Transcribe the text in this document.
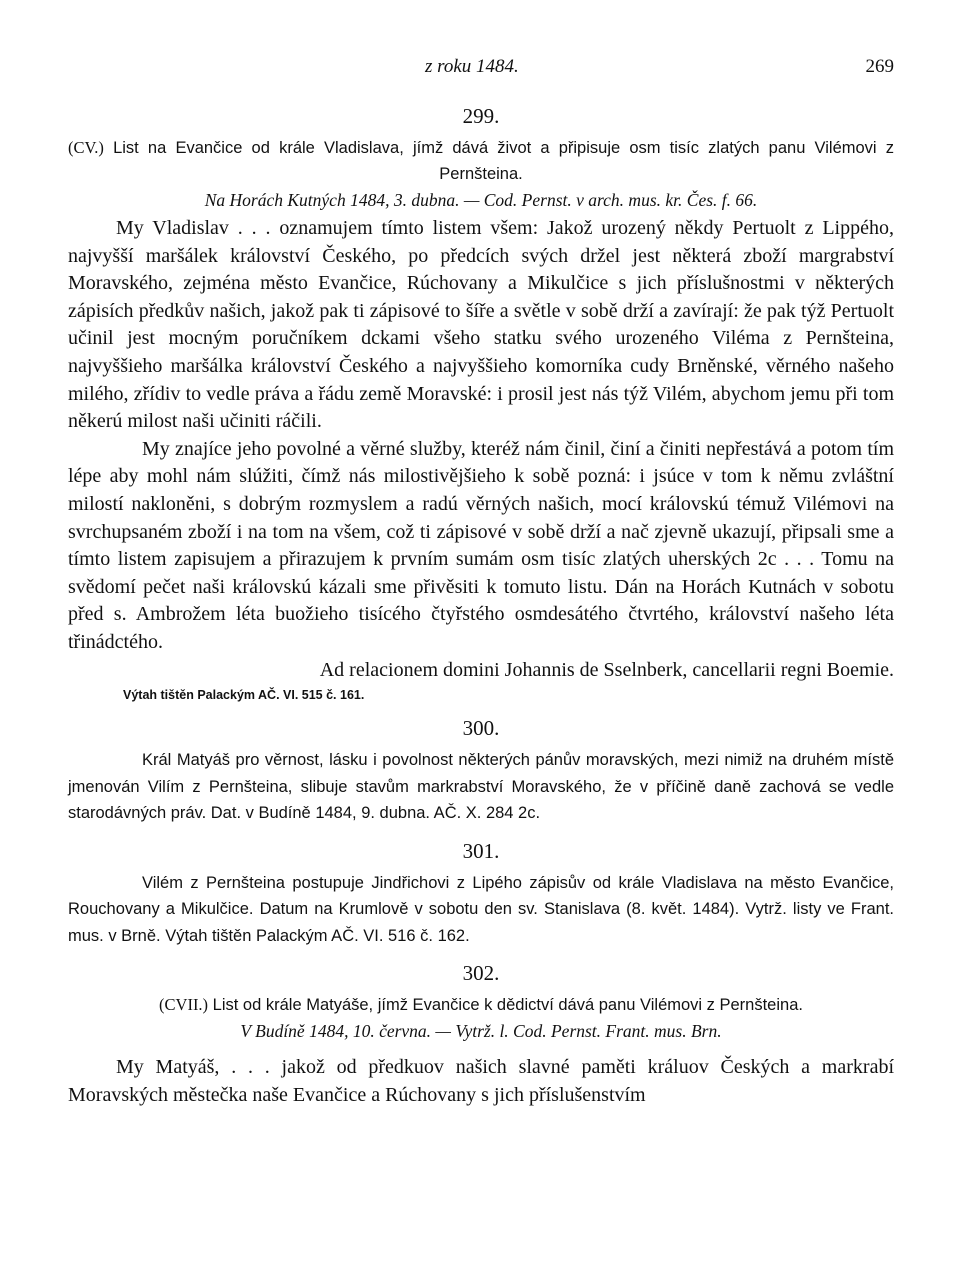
z roku 1484.	269
299.
(CV.) List na Evančice od krále Vladislava, jímž dává život a připisuje osm tisíc zlatých panu Vilémovi z Pernšteina.
Na Horách Kutných 1484, 3. dubna. — Cod. Pernst. v arch. mus. kr. Čes. f. 66.

My Vladislav . . . oznamujem tímto listem všem: Jakož urozený někdy Pertuolt z Lippého, najvyšší maršálek království Českého, po předcích svých držel jest některá zboží margrabství Moravského, zejména město Evančice, Rúchovany a Mikulčice s jich příslušnostmi v některých zápisích předkův našich, jakož pak ti zápisové to šíře a světle v sobě drží a zavírají: že pak týž Pertuolt učinil jest mocným poručníkem dckami všeho statku svého urozeného Viléma z Pernšteina, najvyššieho maršálka království Českého a najvyššieho komorníka cudy Brněnské, věrného našeho milého, zřídiv to vedle práva a řádu země Moravské: i prosil jest nás týž Vilém, abychom jemu při tom někerú milost naši učiniti ráčili.

My znajíce jeho povolné a věrné služby, kteréž nám činil, činí a činiti nepřestává a potom tím lépe aby mohl nám slúžiti, čímž nás milostivějšieho k sobě pozná: i jsúce v tom k němu zvláštní milostí nakloněni, s dobrým rozmyslem a radú věrných našich, mocí královskú témuž Vilémovi na svrchupsaném zboží i na tom na všem, což ti zápisové v sobě drží a nač zjevně ukazují, připsali sme a tímto listem zapisujem a přirazujem k prvním sumám osm tisíc zlatých uherských 2c . . . Tomu na svědomí pečet naši královskú kázali sme přivěsiti k tomuto listu. Dán na Horách Kutnách v sobotu před s. Ambrožem léta buožieho tisícého čtyřstého osmdesátého čtvrtého, království našeho léta třinádctého.

Ad relacionem domini Johannis de Sselnberk, cancellarii regni Boemie.
Výtah tištěn Palackým AČ. VI. 515 č. 161.
300.

Král Matyáš pro věrnost, lásku i povolnost některých pánův moravských, mezi nimiž na druhém místě jmenován Vilím z Pernšteina, slibuje stavům markrabství Moravského, že v příčině daně zachová se vedle starodávných práv. Dat. v Budíně 1484, 9. dubna. AČ. X. 284 2c.

301.

Vilém z Pernšteina postupuje Jindřichovi z Lipého zápisův od krále Vladislava na město Evančice, Rouchovany a Mikulčice. Datum na Krumlově v sobotu den sv. Stanislava (8. květ. 1484). Vytrž. listy ve Frant. mus. v Brně. Výtah tištěn Palackým AČ. VI. 516 č. 162.

302.
(CVII.) List od krále Matyáše, jímž Evančice k dědictví dává panu Vilémovi z Pernšteina.
V Budíně 1484, 10. června. — Vytrž. l. Cod. Pernst. Frant. mus. Brn.

My Matyáš, . . . jakož od předkuov našich slavné paměti králuov Českých a markrabí Moravských městečka naše Evančice a Rúchovany s jich příslušenstvím
